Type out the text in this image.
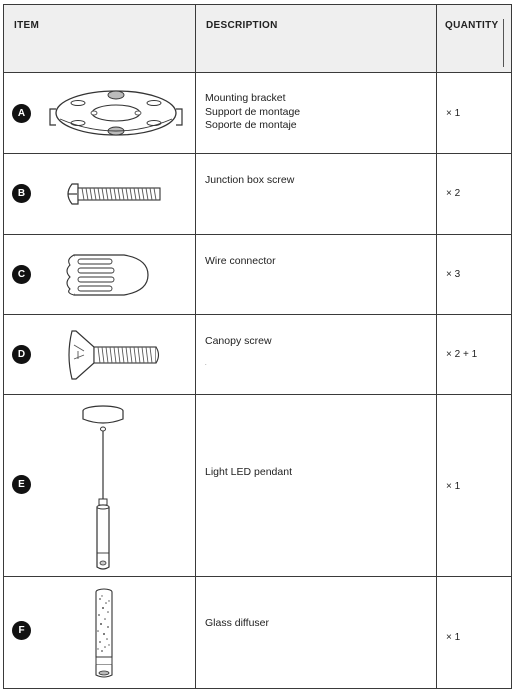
ITEM	DESCRIPTION	QUANTITY
A
Mounting bracket
Support de montage
Soporte de montaje
× 1
B
Junction box screw
× 2
C
Wire connector
× 3
D
Canopy screw
.
× 2 + 1
E
Light LED pendant
× 1
F
Glass diffuser
× 1
